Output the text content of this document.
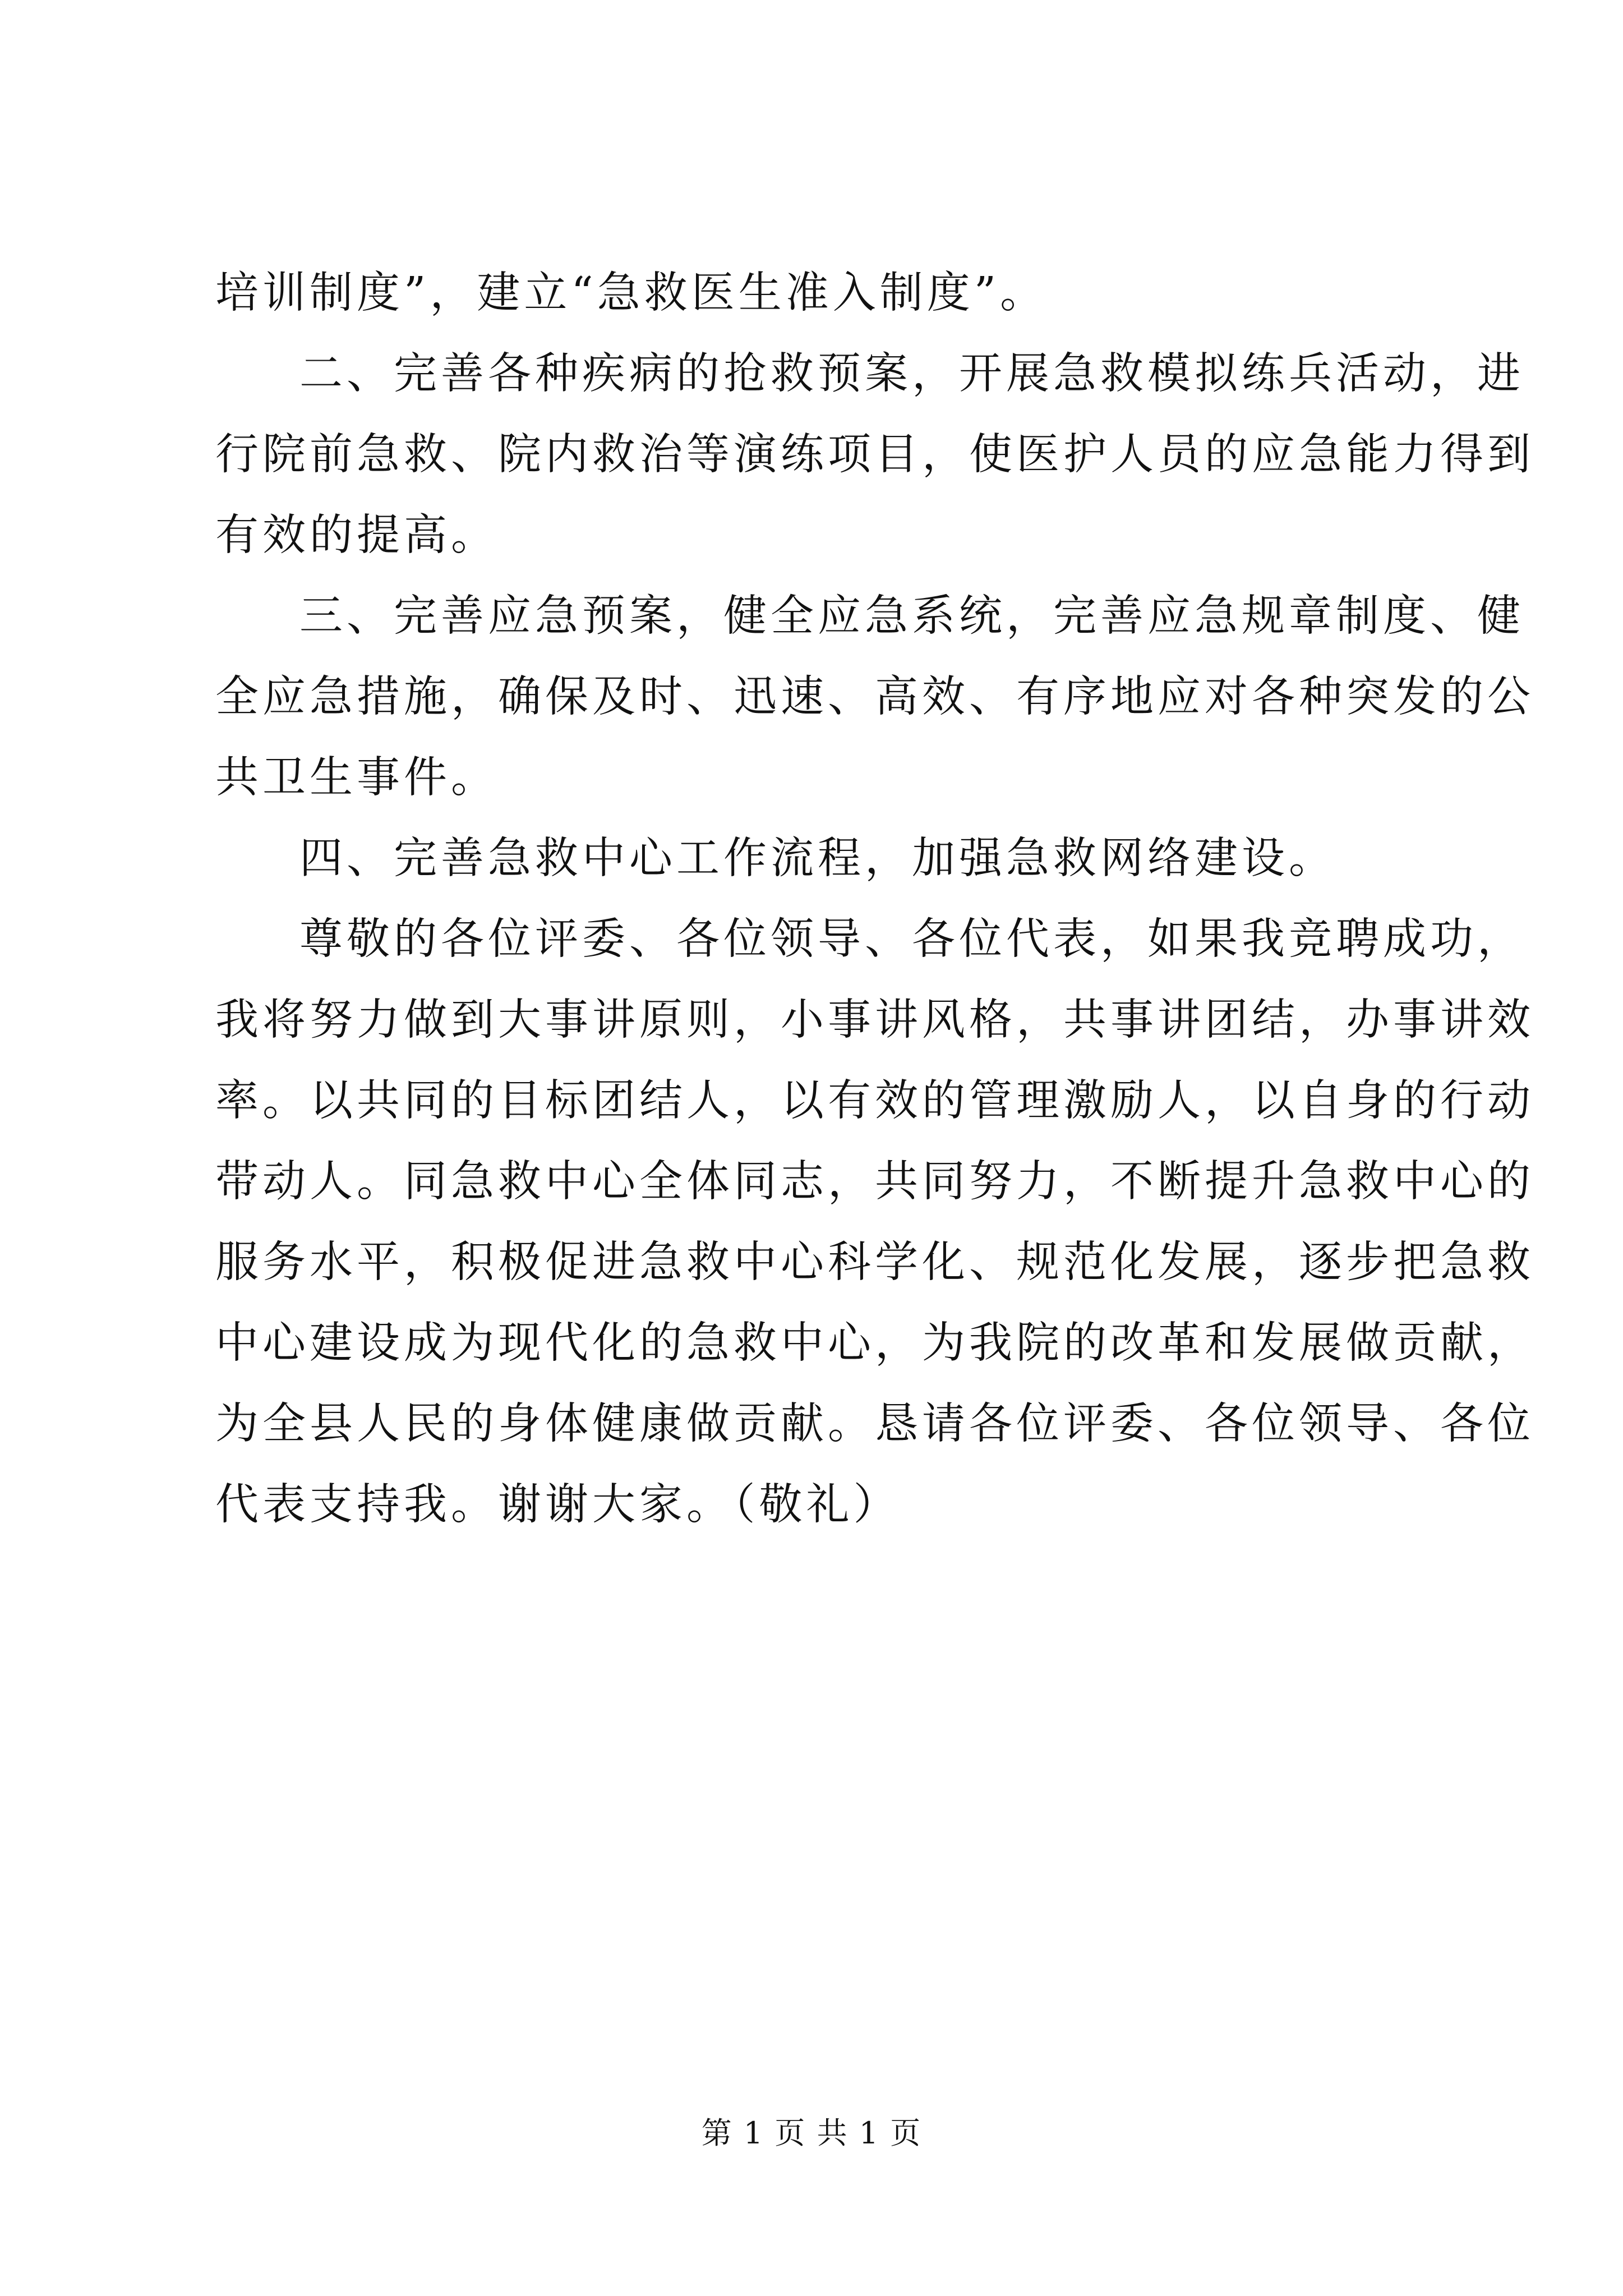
培训制度”，建立“急救医生准入制度”。
二、完善各种疾病的抢救预案，开展急救模拟练兵活动，进
行院前急救、院内救治等演练项目，使医护人员的应急能力得到
有效的提高。
三、完善应急预案，健全应急系统，完善应急规章制度、健
全应急措施，确保及时、迅速、高效、有序地应对各种突发的公
共卫生事件。
四、完善急救中心工作流程，加强急救网络建设。
尊敬的各位评委、各位领导、各位代表，如果我竞聘成功，
我将努力做到大事讲原则，小事讲风格，共事讲团结，办事讲效
率。以共同的目标团结人，以有效的管理激励人，以自身的行动
带动人。同急救中心全体同志，共同努力，不断提升急救中心的
服务水平，积极促进急救中心科学化、规范化发展，逐步把急救
中心建设成为现代化的急救中心，为我院的改革和发展做贡献，
为全县人民的身体健康做贡献。恳请各位评委、各位领导、各位
代表支持我。谢谢大家。（敬礼）
第 1 页 共 1 页
